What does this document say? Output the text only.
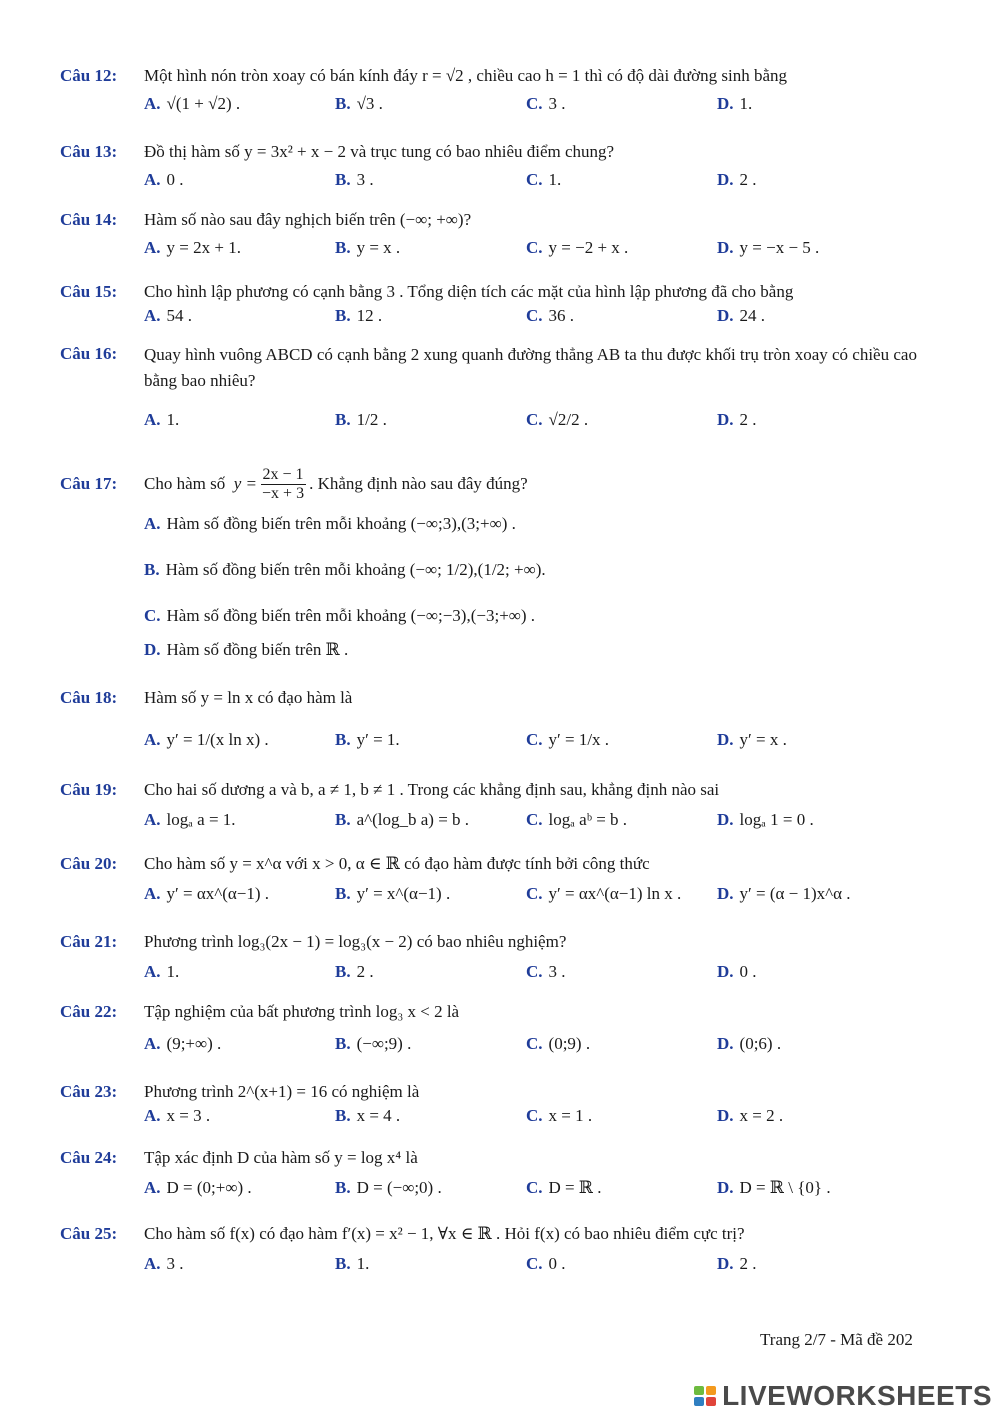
Câu 12:	Một hình nón tròn xoay có bán kính đáy r = √2 , chiều cao h = 1 thì có độ dài đường sinh bằng
A. √(1 + √2) .	B. √3 .	C. 3 .	D. 1.
Câu 13:	Đồ thị hàm số y = 3x² + x − 2 và trục tung có bao nhiêu điểm chung?
A. 0 .	B. 3 .	C. 1.	D. 2 .
Câu 14:	Hàm số nào sau đây nghịch biến trên (−∞; +∞)?
A. y = 2x + 1.	B. y = x .	C. y = −2 + x .	D. y = −x − 5 .
Câu 15:	Cho hình lập phương có cạnh bằng 3 . Tổng diện tích các mặt của hình lập phương đã cho bằng
A. 54 .	B. 12 .	C. 36 .	D. 24 .
Câu 16:	Quay hình vuông ABCD có cạnh bằng 2 xung quanh đường thẳng AB ta thu được khối trụ tròn xoay có chiều cao bằng bao nhiêu?
A. 1.	B. 1/2 .	C. √2/2 .	D. 2 .
Câu 17:	Cho hàm số
$y = \frac{2x - 1}{-x + 3}$ . Khẳng định nào sau đây đúng?
A. Hàm số đồng biến trên mỗi khoảng (−∞;3),(3;+∞) .
B. Hàm số đồng biến trên mỗi khoảng (−∞; 1/2),(1/2; +∞).
C. Hàm số đồng biến trên mỗi khoảng (−∞;−3),(−3;+∞) .
D. Hàm số đồng biến trên ℝ .
Câu 18:	Hàm số y = ln x có đạo hàm là
A. y′ = 1/(x ln x) .	B. y′ = 1.	C. y′ = 1/x .	D. y′ = x .
Câu 19:	Cho hai số dương a và b, a ≠ 1, b ≠ 1 . Trong các khẳng định sau, khẳng định nào sai
A. logₐ a = 1.	B. a^(log_b a) = b .	C. logₐ aᵇ = b .	D. logₐ 1 = 0 .
Câu 20:	Cho hàm số y = x^α với x > 0, α ∈ ℝ có đạo hàm được tính bởi công thức
A. y′ = αx^(α−1) .	B. y′ = x^(α−1) .	C. y′ = αx^(α−1) ln x . D. y′ = (α − 1)x^α .
Câu 21:	Phương trình log₃(2x − 1) = log₃(x − 2) có bao nhiêu nghiệm?
A. 1.	B. 2 .	C. 3 .	D. 0 .
Câu 22:	Tập nghiệm của bất phương trình log₃ x < 2 là
A. (9;+∞) .	B. (−∞;9) .	C. (0;9) .	D. (0;6) .
Câu 23:	Phương trình 2^(x+1) = 16 có nghiệm là
A. x = 3 .	B. x = 4 .	C. x = 1 .	D. x = 2 .
Câu 24:	Tập xác định D của hàm số y = log x⁴ là
A. D = (0;+∞) .	B. D = (−∞;0) .	C. D = ℝ .	D. D = ℝ \ {0} .
Câu 25:	Cho hàm số f(x) có đạo hàm f′(x) = x² − 1, ∀x ∈ ℝ . Hỏi f(x) có bao nhiêu điểm cực trị?
A. 3 .	B. 1.	C. 0 .	D. 2 .
Trang 2/7 - Mã đề 202
LIVEWORKSHEETS
